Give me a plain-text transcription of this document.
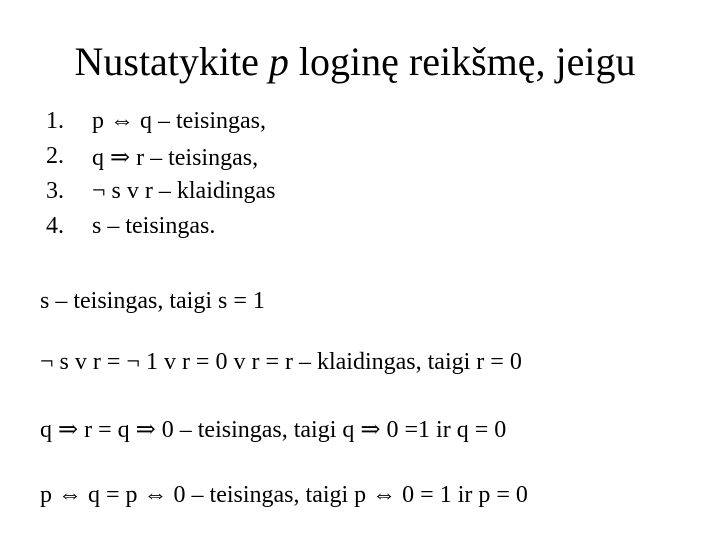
Nustatykite p loginę reikšmę, jeigu
1. p ⇔ q – teisingas,
2. q ⇒ r – teisingas,
3. ¬ s v r – klaidingas
4. s – teisingas.
s – teisingas, taigi s = 1
¬ s v r = ¬ 1 v r = 0 v r = r – klaidingas, taigi r = 0
q ⇒ r = q ⇒ 0 – teisingas, taigi q ⇒ 0 =1 ir q = 0
p ⇔ q = p ⇔ 0 – teisingas, taigi p ⇔ 0 = 1 ir p = 0
